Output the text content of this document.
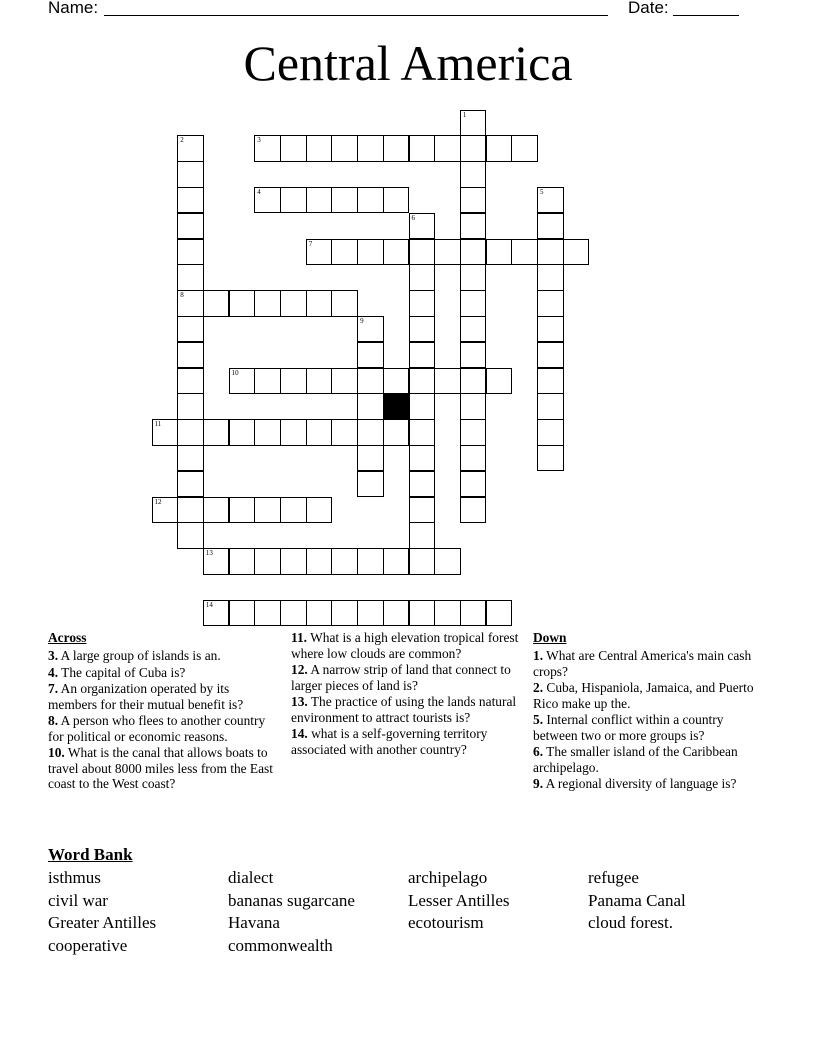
Name:	Date:
Central America
1
2
8
3
4	5
6
7
9
10
11
12
13
14
Across
3. A large group of islands is an.
4. The capital of Cuba is?
7. An organization operated by its members for their mutual benefit is?
8. A person who flees to another country for political or economic reasons.
10. What is the canal that allows boats to travel about 8000 miles less from the East coast to the West coast?
11. What is a high elevation tropical forest where low clouds are common?
12. A narrow strip of land that connect to larger pieces of land is?
13. The practice of using the lands natural environment to attract tourists is?
14. what is a self-governing territory associated with another country?
Down
1. What are Central America's main cash crops?
2. Cuba, Hispaniola, Jamaica, and Puerto Rico make up the.
5. Internal conflict within a country between two or more groups is?
6. The smaller island of the Caribbean archipelago.
9. A regional diversity of language is?
Word Bank
isthmus	dialect	archipelago	refugee
civil war	bananas sugarcane	Lesser Antilles	Panama Canal
Greater Antilles	Havana	ecotourism	cloud forest.
cooperative	commonwealth
